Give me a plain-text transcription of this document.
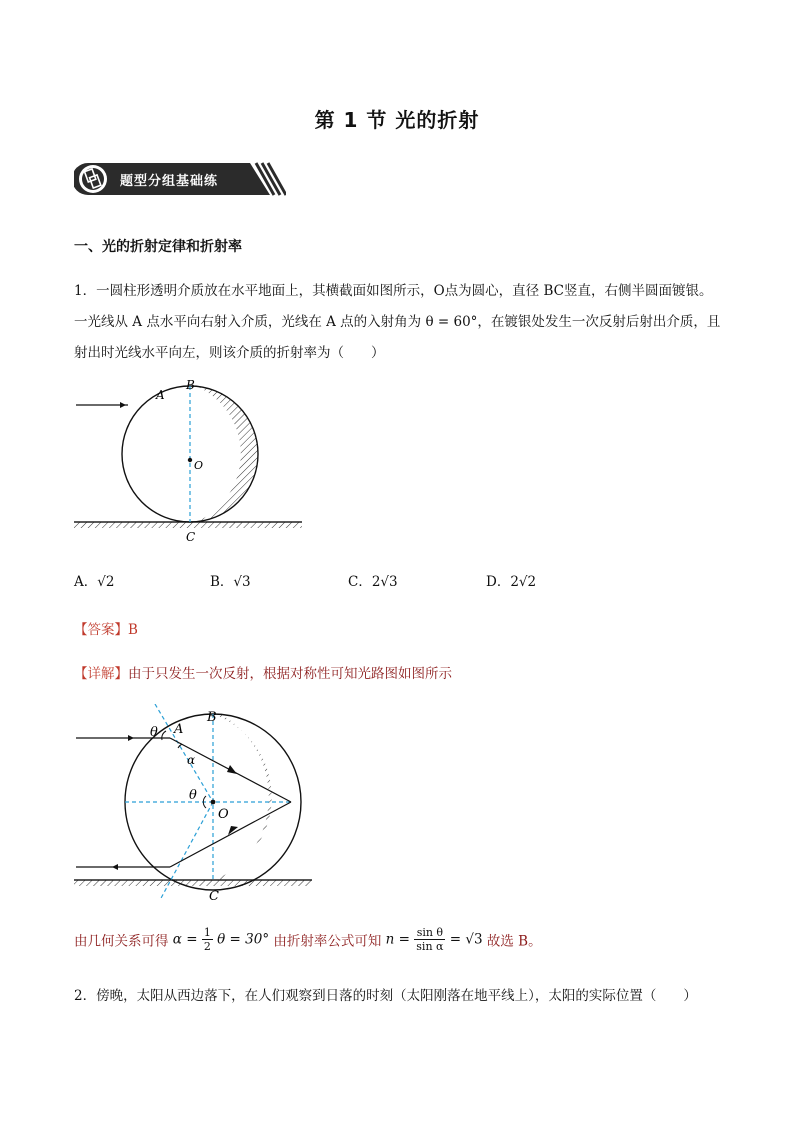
第 1 节 光的折射
题型分组基础练
一、光的折射定律和折射率
1．一圆柱形透明介质放在水平地面上，其横截面如图所示，O点为圆心，直径 BC竖直，右侧半圆面镀银。
一光线从 A 点水平向右射入介质，光线在 A 点的入射角为 θ = 60°，在镀银处发生一次反射后射出介质，且
射出时光线水平向左，则该介质的折射率为（　　）
A
B
O
C
A．√2	B．√3	C．2√3	D．2√2
【答案】B
【详解】由于只发生一次反射，根据对称性可知光路图如图所示
θ A
B
α
θ
O
C
由几何关系可得 $\alpha = \frac{1}{2}$ θ = 30° 由折射率公式可知 $n = \frac{\text{sin θ}}{\text{sin α}} = √3$ 故选 B。
2．傍晚，太阳从西边落下，在人们观察到日落的时刻（太阳刚落在地平线上），太阳的实际位置（　　）
